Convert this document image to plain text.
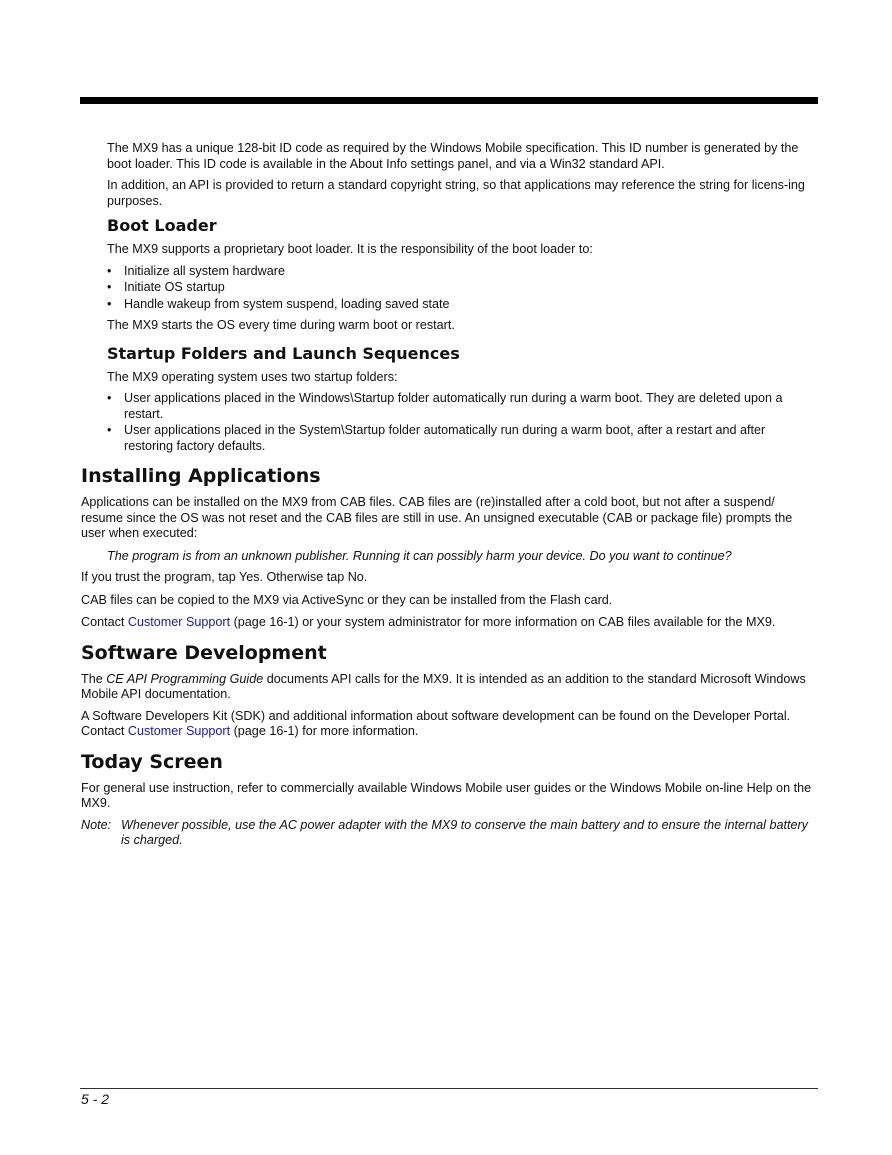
The MX9 has a unique 128-bit ID code as required by the Windows Mobile specification. This ID number is generated by the boot loader. This ID code is available in the About Info settings panel, and via a Win32 standard API.

In addition, an API is provided to return a standard copyright string, so that applications may reference the string for licens-ing purposes.

Boot Loader

The MX9 supports a proprietary boot loader. It is the responsibility of the boot loader to:

• Initialize all system hardware
• Initiate OS startup
• Handle wakeup from system suspend, loading saved state

The MX9 starts the OS every time during warm boot or restart.

Startup Folders and Launch Sequences

The MX9 operating system uses two startup folders:

• User applications placed in the Windows\Startup folder automatically run during a warm boot. They are deleted upon a restart.
• User applications placed in the System\Startup folder automatically run during a warm boot, after a restart and after restoring factory defaults.
Installing Applications

Applications can be installed on the MX9 from CAB files. CAB files are (re)installed after a cold boot, but not after a suspend/ resume since the OS was not reset and the CAB files are still in use. An unsigned executable (CAB or package file) prompts the user when executed:

The program is from an unknown publisher. Running it can possibly harm your device. Do you want to continue?

If you trust the program, tap Yes. Otherwise tap No.

CAB files can be copied to the MX9 via ActiveSync or they can be installed from the Flash card.

Contact Customer Support (page 16-1) or your system administrator for more information on CAB files available for the MX9.

Software Development

The CE API Programming Guide documents API calls for the MX9. It is intended as an addition to the standard Microsoft Windows Mobile API documentation.

A Software Developers Kit (SDK) and additional information about software development can be found on the Developer Portal. Contact Customer Support (page 16-1) for more information.

Today Screen

For general use instruction, refer to commercially available Windows Mobile user guides or the Windows Mobile on-line Help on the MX9.

Note: Whenever possible, use the AC power adapter with the MX9 to conserve the main battery and to ensure the internal battery is charged.

5 - 2
